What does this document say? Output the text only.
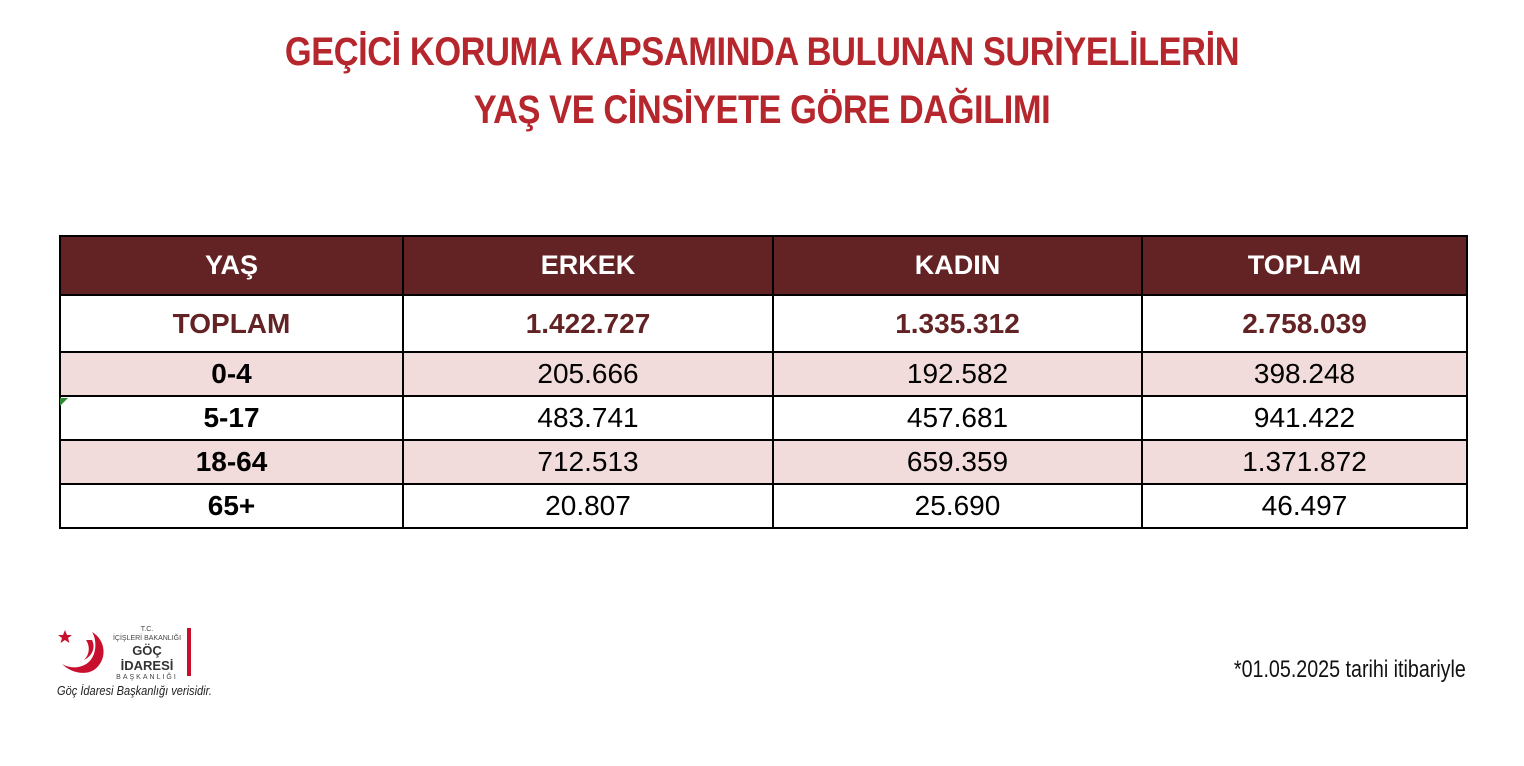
GEÇİCİ KORUMA KAPSAMINDA BULUNAN SURİYELİLERİN
YAŞ VE CİNSİYETE GÖRE DAĞILIMI
YAŞ	ERKEK	KADIN	TOPLAM
TOPLAM	1.422.727	1.335.312	2.758.039
0-4	205.666	192.582	398.248
5-17	483.741	457.681	941.422
18-64	712.513	659.359	1.371.872
65+	20.807	25.690	46.497
T.C.
İÇİŞLERİ BAKANLIĞI
GÖÇ İDARESİ
BAŞKANLIĞI
Göç İdaresi Başkanlığı verisidir.
*01.05.2025 tarihi itibariyle
